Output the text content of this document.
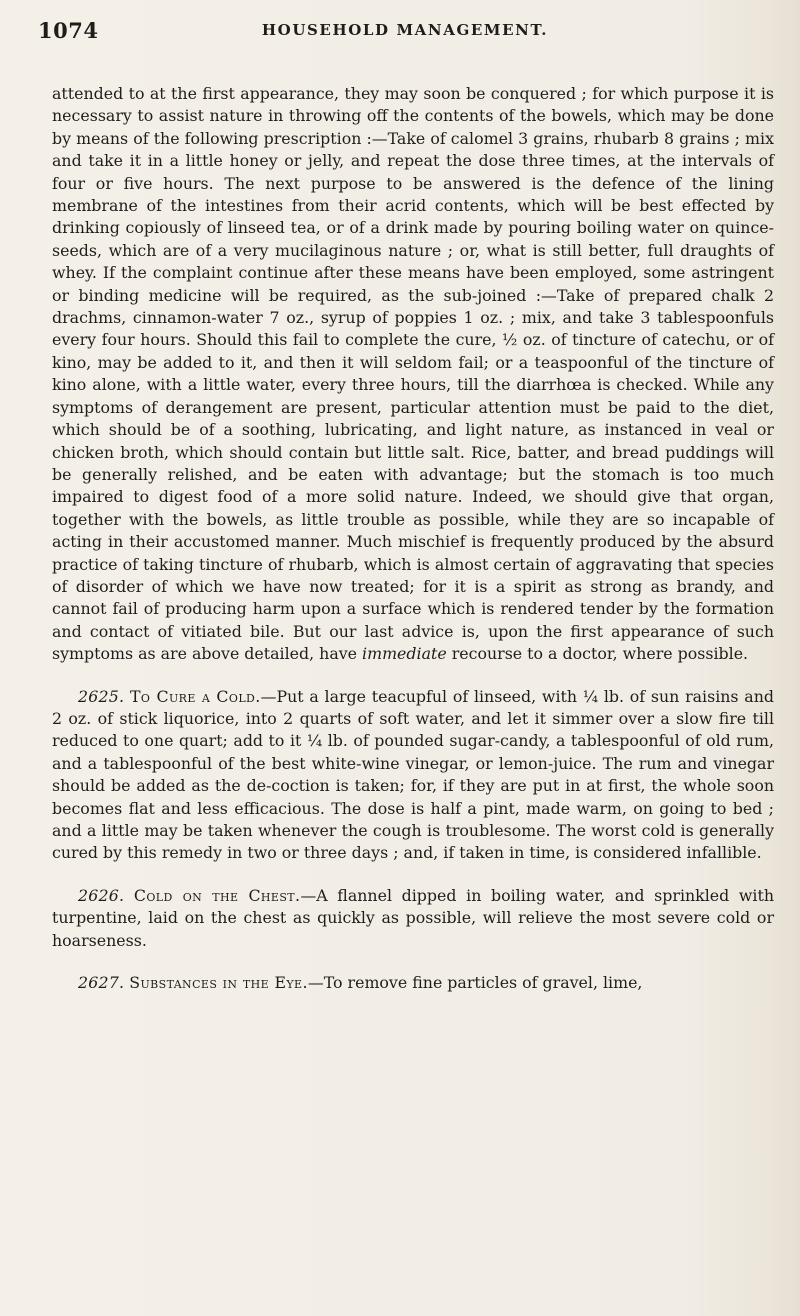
1074	HOUSEHOLD MANAGEMENT.

attended to at the first appearance, they may soon be conquered ; for which purpose it is necessary to assist nature in throwing off the contents of the bowels, which may be done by means of the following prescription :—Take of calomel 3 grains, rhubarb 8 grains ; mix and take it in a little honey or jelly, and repeat the dose three times, at the intervals of four or five hours. The next purpose to be answered is the defence of the lining membrane of the intestines from their acrid contents, which will be best effected by drinking copiously of linseed tea, or of a drink made by pouring boiling water on quince-seeds, which are of a very mucilaginous nature ; or, what is still better, full draughts of whey. If the complaint continue after these means have been employed, some astringent or binding medicine will be required, as the sub-joined :—Take of prepared chalk 2 drachms, cinnamon-water 7 oz., syrup of poppies 1 oz. ; mix, and take 3 tablespoonfuls every four hours. Should this fail to complete the cure, ½ oz. of tincture of catechu, or of kino, may be added to it, and then it will seldom fail; or a teaspoonful of the tincture of kino alone, with a little water, every three hours, till the diarrhœa is checked. While any symptoms of derangement are present, particular attention must be paid to the diet, which should be of a soothing, lubricating, and light nature, as instanced in veal or chicken broth, which should contain but little salt. Rice, batter, and bread puddings will be generally relished, and be eaten with advantage; but the stomach is too much impaired to digest food of a more solid nature. Indeed, we should give that organ, together with the bowels, as little trouble as possible, while they are so incapable of acting in their accustomed manner. Much mischief is frequently produced by the absurd practice of taking tincture of rhubarb, which is almost certain of aggravating that species of disorder of which we have now treated; for it is a spirit as strong as brandy, and cannot fail of producing harm upon a surface which is rendered tender by the formation and contact of vitiated bile. But our last advice is, upon the first appearance of such symptoms as are above detailed, have immediate recourse to a doctor, where possible.

2625. To Cure a Cold.—Put a large teacupful of linseed, with ¼ lb. of sun raisins and 2 oz. of stick liquorice, into 2 quarts of soft water, and let it simmer over a slow fire till reduced to one quart; add to it ¼ lb. of pounded sugar-candy, a tablespoonful of old rum, and a tablespoonful of the best white-wine vinegar, or lemon-juice. The rum and vinegar should be added as the de-coction is taken; for, if they are put in at first, the whole soon becomes flat and less efficacious. The dose is half a pint, made warm, on going to bed ; and a little may be taken whenever the cough is troublesome. The worst cold is generally cured by this remedy in two or three days ; and, if taken in time, is considered infallible.

2626. Cold on the Chest.—A flannel dipped in boiling water, and sprinkled with turpentine, laid on the chest as quickly as possible, will relieve the most severe cold or hoarseness.

2627. Substances in the Eye.—To remove fine particles of gravel, lime,
